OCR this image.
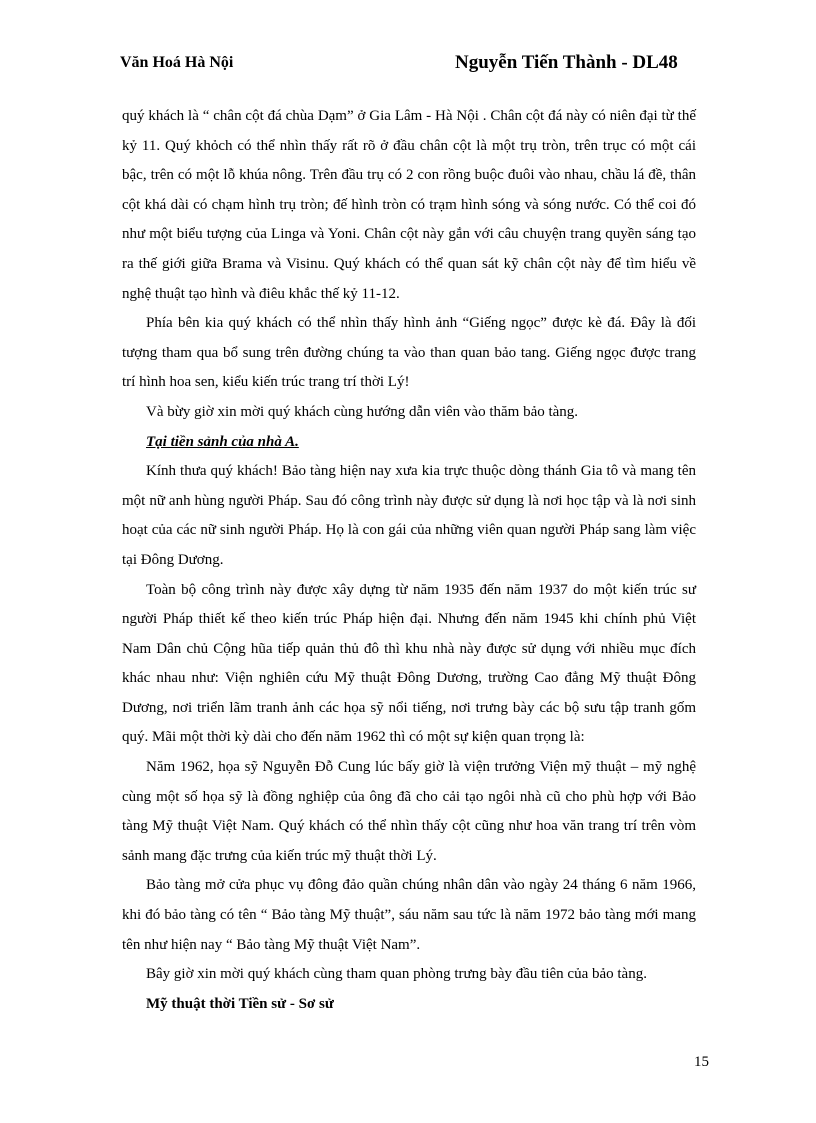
Văn Hoá Hà Nội	Nguyễn Tiến Thành - DL48

quý khách là “ chân cột đá chùa Dạm” ở Gia Lâm - Hà Nội . Chân cột đá này có niên đại từ thế kỷ 11. Quý khỏch có thể nhìn thấy rất rõ ở đầu chân cột là một trụ tròn, trên trục có một cái bậc, trên có một lỗ khúa nông. Trên đầu trụ có 2 con rồng buộc đuôi vào nhau, chầu lá đề, thân cột khá dài có chạm hình trụ tròn; đế hình tròn có trạm hình sóng và sóng nước. Có thể coi đó như một biểu tượng của Linga và Yoni. Chân cột này gắn với câu chuyện trang quyền sáng tạo ra thế giới giữa Brama và Visinu. Quý khách có thể quan sát kỹ chân cột này để tìm hiểu về nghệ thuật tạo hình và điêu khắc thế kỷ 11-12.

Phía bên kia quý khách có thể nhìn thấy hình ảnh “Giếng ngọc” được kè đá. Đây là đối tượng tham qua bổ sung trên đường chúng ta vào than quan bảo tang. Giếng ngọc được trang trí hình hoa sen, kiểu kiến trúc trang trí thời Lý!

Và bừy giờ xin mời quý khách cùng hướng dẫn viên vào thăm bảo tàng.

Tại tiền sảnh của nhà A.

Kính thưa quý khách! Bảo tàng hiện nay xưa kia trực thuộc dòng thánh Gia tô và mang tên một nữ anh hùng người Pháp. Sau đó công trình này được sử dụng là nơi học tập và là nơi sinh hoạt của các nữ sinh người Pháp. Họ là con gái của những viên quan người Pháp sang làm việc tại Đông Dương.

Toàn bộ công trình này được xây dựng từ năm 1935 đến năm 1937 do một kiến trúc sư người Pháp thiết kế theo kiến trúc Pháp hiện đại. Nhưng đến năm 1945 khi chính phủ Việt Nam Dân chủ Cộng hũa tiếp quản thủ đô thì khu nhà này được sử dụng với nhiều mục đích khác nhau như: Viện nghiên cứu Mỹ thuật Đông Dương, trường Cao đẳng Mỹ thuật Đông Dương, nơi triển lãm tranh ảnh các họa sỹ nổi tiếng, nơi trưng bày các bộ sưu tập tranh gốm quý. Mãi một thời kỳ dài cho đến năm 1962 thì có một sự kiện quan trọng là:

Năm 1962, họa sỹ Nguyễn Đỗ Cung lúc bấy giờ là viện trưởng Viện mỹ thuật – mỹ nghệ cùng một số họa sỹ là đồng nghiệp của ông đã cho cải tạo ngôi nhà cũ cho phù hợp với Bảo tàng Mỹ thuật Việt Nam. Quý khách có thể nhìn thấy cột cũng như hoa văn trang trí trên vòm sảnh mang đặc trưng của kiến trúc mỹ thuật thời Lý.

Bảo tàng mở cửa phục vụ đông đảo quần chúng nhân dân vào ngày 24 tháng 6 năm 1966, khi đó bảo tàng có tên “ Bảo tàng Mỹ thuật”, sáu năm sau tức là năm 1972 bảo tàng mới mang tên như hiện nay “ Bảo tàng Mỹ thuật Việt Nam”.

Bây giờ xin mời quý khách cùng tham quan phòng trưng bày đầu tiên của bảo tàng.

Mỹ thuật thời Tiền sử - Sơ sử

15
